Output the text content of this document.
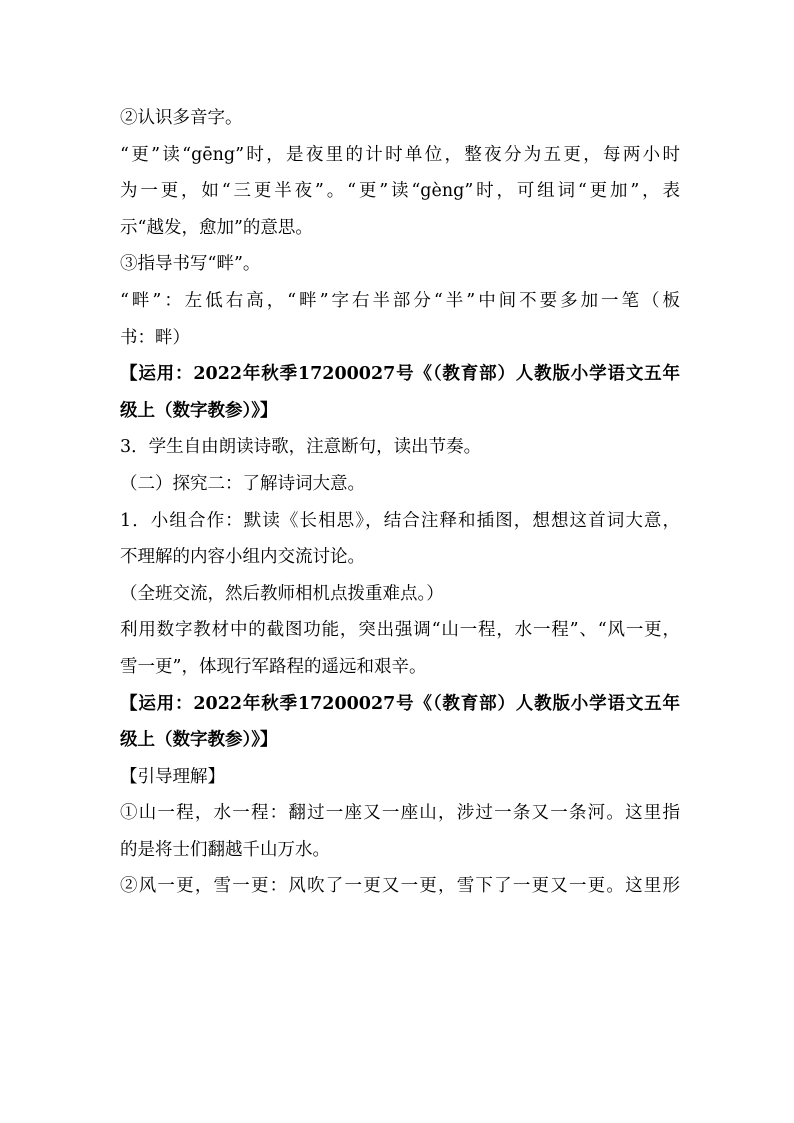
②认识多音字。

“更”读“gēng”时，是夜里的计时单位，整夜分为五更，每两小时

为一更，如“三更半夜”。“更”读“gèng”时，可组词“更加”，表

示“越发，愈加”的意思。

③指导书写“畔”。

“畔”：左低右高，“畔”字右半部分“半”中间不要多加一笔（板

书：畔）

【运用：2022年秋季17200027号《（教育部）人教版小学语文五年

级上（数字教参）》】

3．学生自由朗读诗歌，注意断句，读出节奏。

（二）探究二：了解诗词大意。

1．小组合作：默读《长相思》，结合注释和插图，想想这首词大意，

不理解的内容小组内交流讨论。

（全班交流，然后教师相机点拨重难点。）

利用数字教材中的截图功能，突出强调“山一程，水一程”、“风一更，

雪一更”，体现行军路程的遥远和艰辛。

【运用：2022年秋季17200027号《（教育部）人教版小学语文五年

级上（数字教参）》】

【引导理解】

①山一程，水一程：翻过一座又一座山，涉过一条又一条河。这里指

的是将士们翻越千山万水。

②风一更，雪一更：风吹了一更又一更，雪下了一更又一更。这里形
